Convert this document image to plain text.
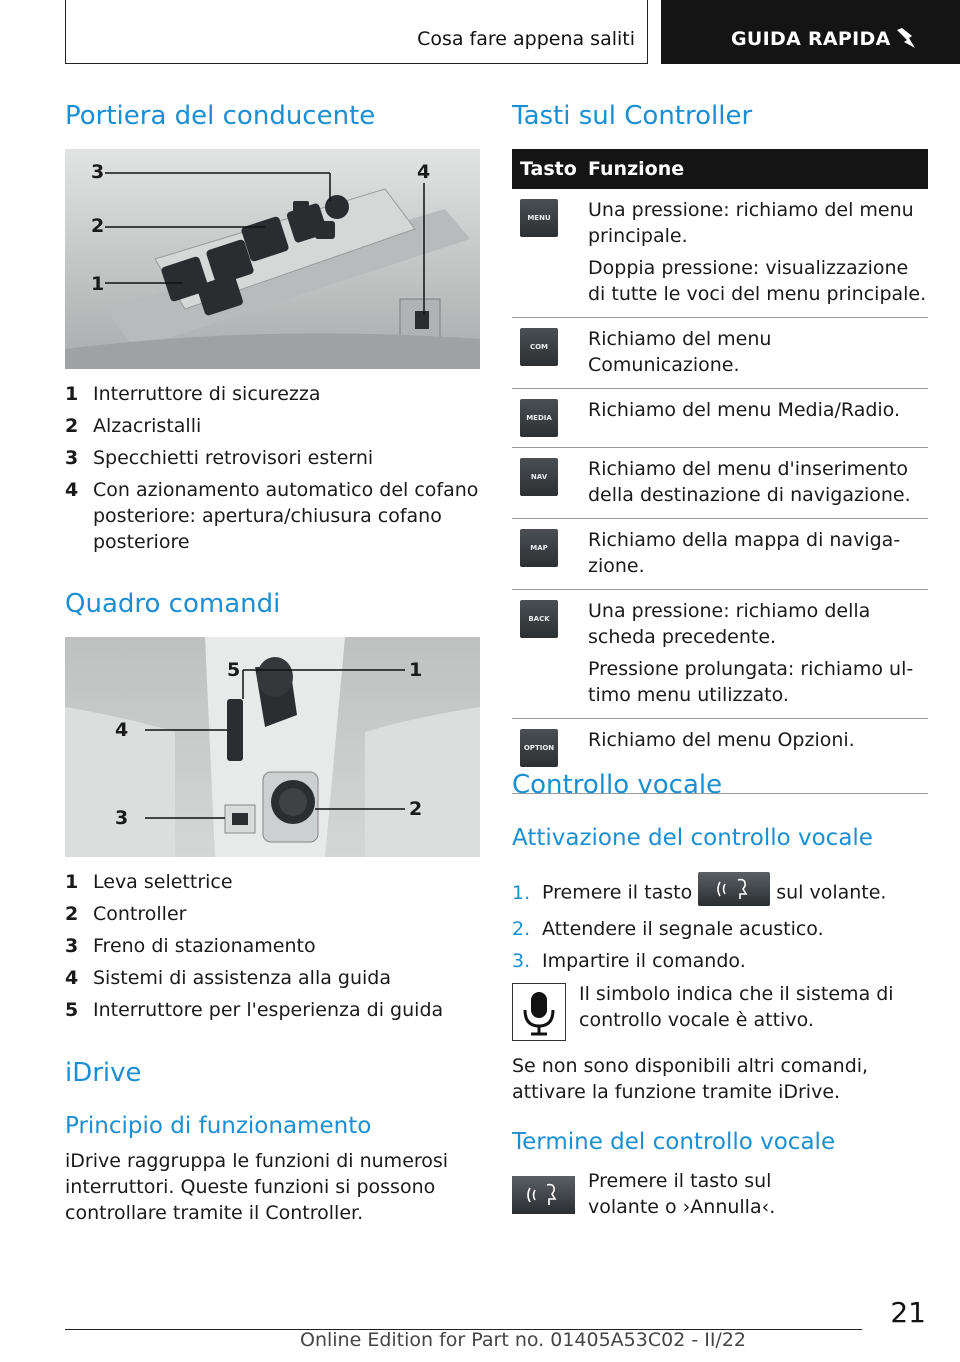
Cosa fare appena saliti	GUIDA RAPIDA
Portiera del conducente
3
2
1
4
1 Interruttore di sicurezza
2 Alzacristalli
3 Specchietti retrovisori esterni
4 Con azionamento automatico del cofano posteriore: apertura/chiusura cofano posteriore
Quadro comandi
5	1
4
3	2
1 Leva selettrice
2 Controller
3 Freno di stazionamento
4 Sistemi di assistenza alla guida
5 Interruttore per l'esperienza di guida
iDrive
Principio di funzionamento
iDrive raggruppa le funzioni di numerosi interruttori. Queste funzioni si possono controllare tramite il Controller.
Tasti sul Controller
Tasto Funzione
MENU	Una pressione: richiamo del menu principale.

Doppia pressione: visualizzazione di tutte le voci del menu principale.

COM	Richiamo del menu Comunicazione.

MEDIA	Richiamo del menu Media/Radio.

NAV	Richiamo del menu d'inserimento della destinazione di navigazione.

MAP	Richiamo della mappa di navigazione.

BACK	Una pressione: richiamo della scheda precedente.

Pressione prolungata: richiamo ultimo menu utilizzato.

OPTION Richiamo del menu Opzioni.

Controllo vocale
Attivazione del controllo vocale
1. Premere il tasto	sul volante.
2. Attendere il segnale acustico.
3. Impartire il comando.
Il simbolo indica che il sistema di controllo vocale è attivo.
Se non sono disponibili altri comandi, attivare la funzione tramite iDrive.
Termine del controllo vocale
Premere il tasto sul volante o ›Annulla‹.
21
Online Edition for Part no. 01405A53C02 - II/22
